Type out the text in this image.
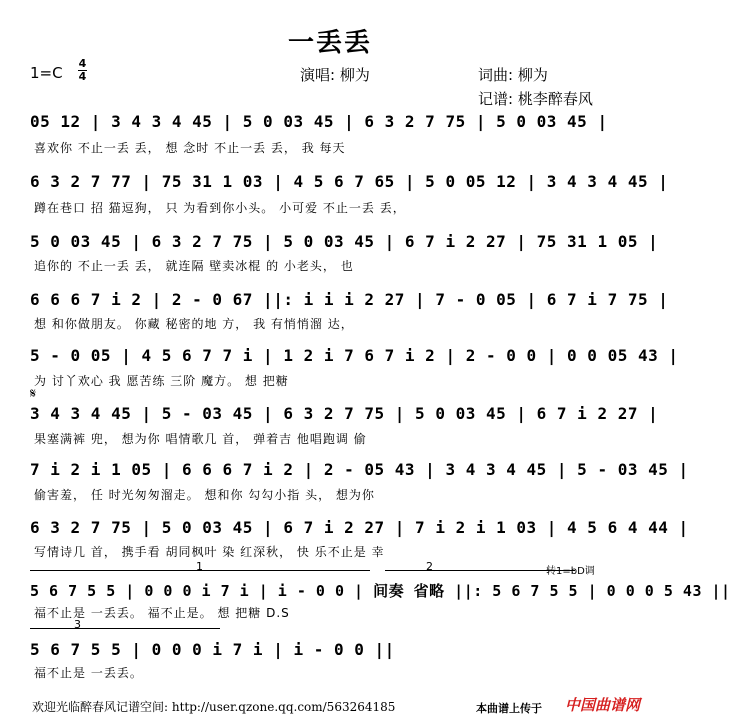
一丢丢
1=C
4
4	演唱: 柳为	词曲: 柳为
记谱: 桃李醉春风
05 12 | 3 4 3 4 45 | 5 0 03 45 | 6 3 2 7 75 | 5 0 03 45 |
喜欢你 不止一丢 丢， 想 念时 不止一丢 丢， 我 每天
6 3 2 7 77 | 75 31 1 03 | 4 5 6 7 65 | 5 0 05 12 | 3 4 3 4 45 |
蹲在巷口 招 猫逗狗， 只 为看到你小头。 小可爱 不止一丢 丢，
5 0 03 45 | 6 3 2 7 75 | 5 0 03 45 | 6 7 i 2 27 | 75 31 1 05 |
追你的 不止一丢 丢， 就连隔 壁卖冰棍 的 小老头， 也
6 6 6 7 i 2 | 2 - 0 67 ||: i i i 2 27 | 7 - 0 05 | 6 7 i 7 75 |
想 和你做朋友。 你藏 秘密的地 方， 我 有悄悄溜 达，
5 - 0 05 | 4 5 6 7 7 i | 1 2 i 7 6 7 i 2 | 2 - 0 0 | 0 0 05 43 |
为 讨丫欢心 我 愿苦练 三阶 魔方。 想 把糖
𝄋
3 4 3 4 45 | 5 - 03 45 | 6 3 2 7 75 | 5 0 03 45 | 6 7 i 2 27 |
果塞满裤 兜， 想为你 唱情歌几 首， 弹着吉 他唱跑调 偷
7 i 2 i 1 05 | 6 6 6 7 i 2 | 2 - 05 43 | 3 4 3 4 45 | 5 - 03 45 |
偷害羞， 任 时光匆匆溜走。 想和你 勾勾小指 头， 想为你
6 3 2 7 75 | 5 0 03 45 | 6 7 i 2 27 | 7 i 2 i 1 03 | 4 5 6 4 44 |
写情诗几 首， 携手看 胡同枫叶 染 红深秋， 快 乐不止是 幸
1	2	转1=bD调
5 6 7 5 5 | 0 0 0 i 7 i | i - 0 0 | 间奏 省略 ||: 5 6 7 5 5 | 0 0 0 5 43 ||
福不止是 一丢丢。 福不止是。 想 把糖 D.S
3
5 6 7 5 5 | 0 0 0 i 7 i | i - 0 0 ||
福不止是 一丢丢。
欢迎光临醉春风记谱空间: http://user.qzone.qq.com/563264185	本曲谱上传于 中国曲谱网
